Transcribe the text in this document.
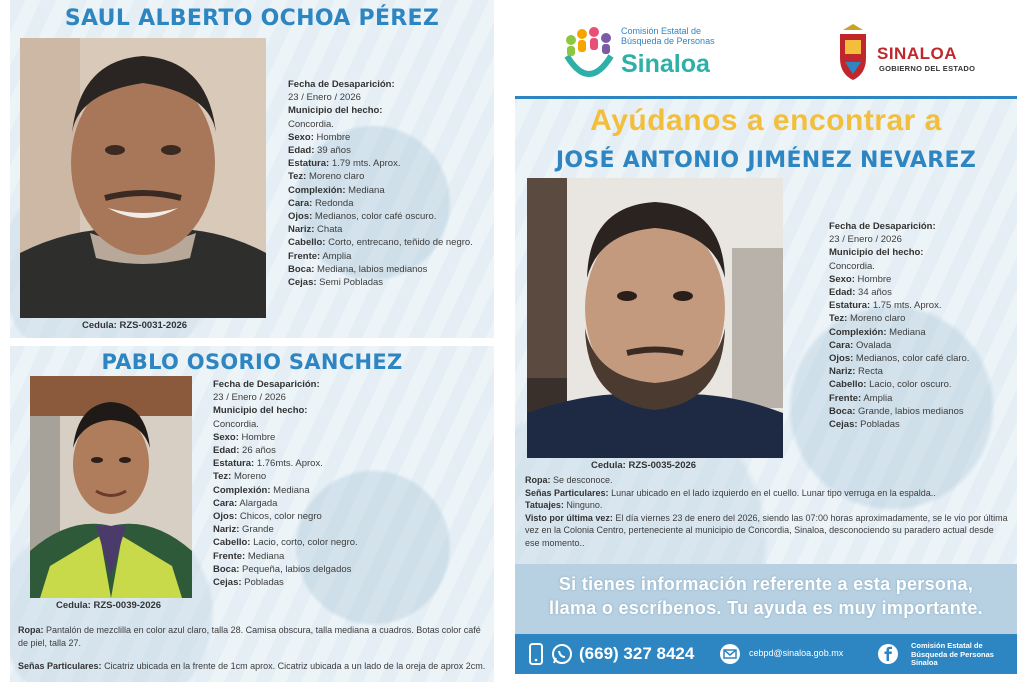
SAUL ALBERTO OCHOA PÉREZ
Fecha de Desaparición:
23 / Enero / 2026
Municipio del hecho:
Concordia.
Sexo: Hombre
Edad: 39 años
Estatura: 1.79 mts. Aprox.
Tez: Moreno claro
Complexión: Mediana
Cara: Redonda
Ojos: Medianos, color café oscuro.
Nariz: Chata
Cabello: Corto, entrecano, teñido de negro.
Frente: Amplia
Boca: Mediana, labios medianos
Cejas: Semi Pobladas
Cedula: RZS-0031-2026
PABLO OSORIO SANCHEZ
Fecha de Desaparición:
23 / Enero / 2026
Municipio del hecho:
Concordia.
Sexo: Hombre
Edad: 26 años
Estatura: 1.76mts. Aprox.
Tez: Moreno
Complexión: Mediana
Cara: Alargada
Ojos: Chicos, color negro
Nariz: Grande
Cabello: Lacio, corto, color negro.
Frente: Mediana
Boca: Pequeña, labios delgados
Cejas: Pobladas
Cedula: RZS-0039-2026
Ropa: Pantalón de mezclilla en color azul claro, talla 28. Camisa obscura, talla mediana a cuadros. Botas color café de piel, talla 27.
Señas Particulares: Cicatriz ubicada en la frente de 1cm aprox. Cicatriz ubicada a un lado de la oreja de aprox 2cm.
Comisión Estatal de
Búsqueda de Personas
Sinaloa	SINALOA
GOBIERNO DEL ESTADO
Ayúdanos a encontrar a
JOSÉ ANTONIO JIMÉNEZ NEVAREZ
Fecha de Desaparición:
23 / Enero / 2026
Municipio del hecho:
Concordia.
Sexo: Hombre
Edad: 34 años
Estatura: 1.75 mts. Aprox.
Tez: Moreno claro
Complexión: Mediana
Cara: Ovalada
Ojos: Medianos, color café claro.
Nariz: Recta
Cabello: Lacio, color oscuro.
Frente: Amplia
Boca: Grande, labios medianos
Cejas: Pobladas
Cedula: RZS-0035-2026
Ropa: Se desconoce.
Señas Particulares: Lunar ubicado en el lado izquierdo en el cuello. Lunar tipo verruga en la espalda..
Tatuajes: Ninguno.
Visto por última vez: El día viernes 23 de enero del 2026, siendo las 07:00 horas aproximadamente, se le vio por última vez en la Colonia Centro, perteneciente al municipio de Concordia, Sinaloa, desconociendo su paradero actual desde ese momento..
Si tienes información referente a esta persona,
llama o escríbenos. Tu ayuda es muy importante.
(669) 327 8424	cebpd@sinaloa.gob.mx
Comisión Estatal de
Búsqueda de Personas
Sinaloa
